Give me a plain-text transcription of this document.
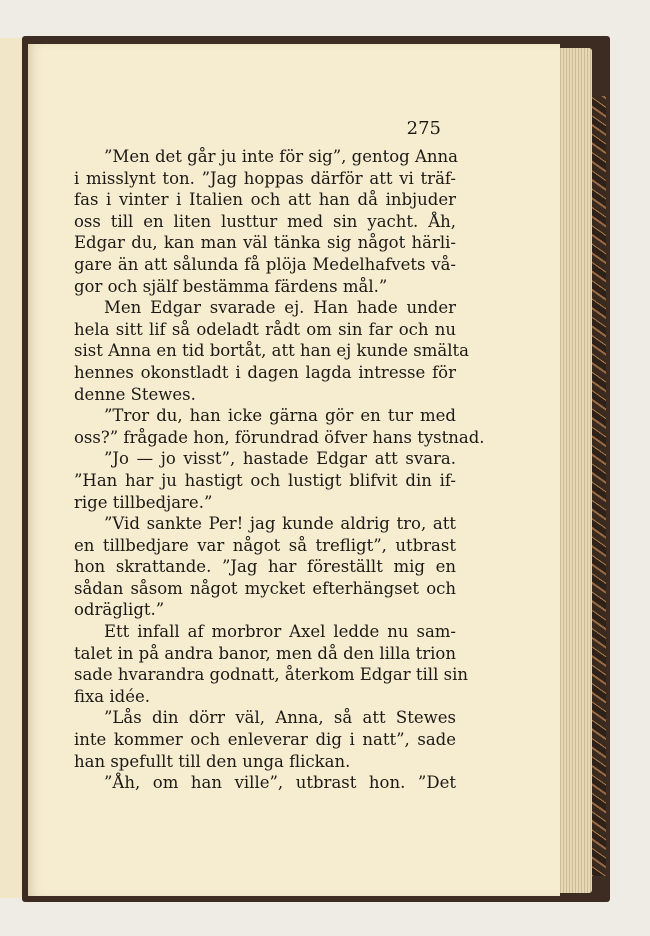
275
”Men det går ju inte för sig”, gentog Anna
i misslynt ton. ”Jag hoppas därför att vi träf-
fas i vinter i Italien och att han då inbjuder
oss till en liten lusttur med sin yacht. Åh,
Edgar du, kan man väl tänka sig något härli-
gare än att sålunda få plöja Medelhafvets vå-
gor och själf bestämma färdens mål.”
Men Edgar svarade ej. Han hade under
hela sitt lif så odeladt rådt om sin far och nu
sist Anna en tid bortåt, att han ej kunde smälta
hennes okonstladt i dagen lagda intresse för
denne Stewes.
”Tror du, han icke gärna gör en tur med
oss?” frågade hon, förundrad öfver hans tystnad.
”Jo — jo visst”, hastade Edgar att svara.
”Han har ju hastigt och lustigt blifvit din if-
rige tillbedjare.”
”Vid sankte Per! jag kunde aldrig tro, att
en tillbedjare var något så trefligt”, utbrast
hon skrattande. ”Jag har föreställt mig en
sådan såsom något mycket efterhängset och
odrägligt.”
Ett infall af morbror Axel ledde nu sam-
talet in på andra banor, men då den lilla trion
sade hvarandra godnatt, återkom Edgar till sin
fixa idée.
”Lås din dörr väl, Anna, så att Stewes
inte kommer och enleverar dig i natt”, sade
han spefullt till den unga flickan.
”Åh, om han ville”, utbrast hon. ”Det
